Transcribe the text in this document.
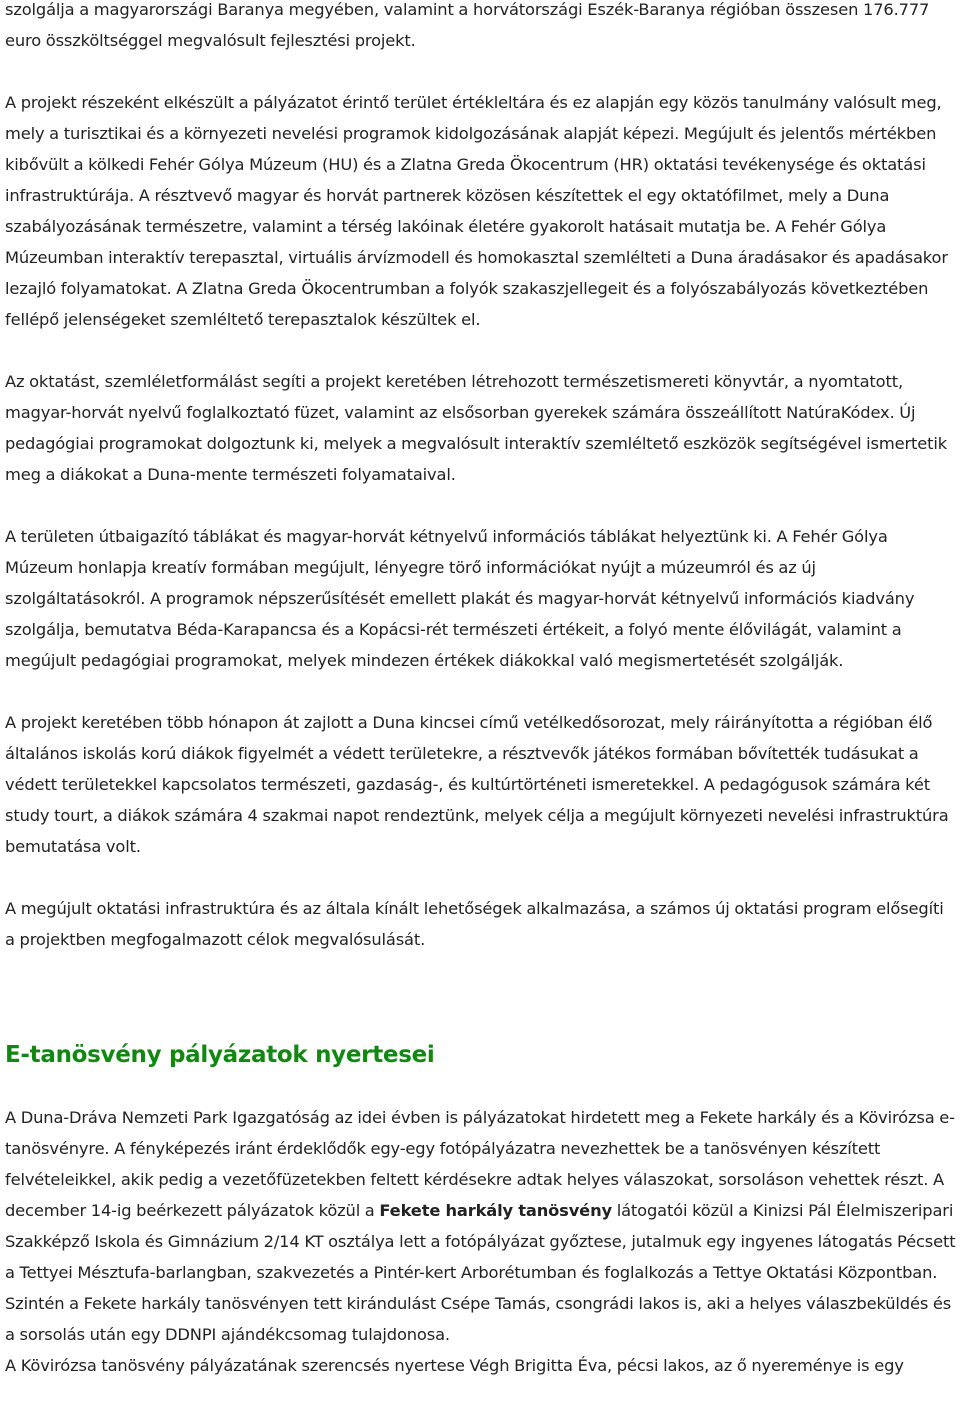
szolgálja a magyarországi Baranya megyében, valamint a horvátországi Eszék-Baranya régióban összesen 176.777 euro összköltséggel megvalósult fejlesztési projekt.

A projekt részeként elkészült a pályázatot érintő terület értékleltára és ez alapján egy közös tanulmány valósult meg, mely a turisztikai és a környezeti nevelési programok kidolgozásának alapját képezi. Megújult és jelentős mértékben kibővült a kölkedi Fehér Gólya Múzeum (HU) és a Zlatna Greda Ökocentrum (HR) oktatási tevékenysége és oktatási infrastruktúrája. A résztvevő magyar és horvát partnerek közösen készítettek el egy oktatófilmet, mely a Duna szabályozásának természetre, valamint a térség lakóinak életére gyakorolt hatásait mutatja be. A Fehér Gólya Múzeumban interaktív terepasztal, virtuális árvízmodell és homokasztal szemlélteti a Duna áradásakor és apadásakor lezajló folyamatokat. A Zlatna Greda Ökocentrumban a folyók szakaszjellegeit és a folyószabályozás következtében fellépő jelenségeket szemléltető terepasztalok készültek el.

Az oktatást, szemléletformálást segíti a projekt keretében létrehozott természetismereti könyvtár, a nyomtatott, magyar-horvát nyelvű foglalkoztató füzet, valamint az elsősorban gyerekek számára összeállított NatúraKódex. Új pedagógiai programokat dolgoztunk ki, melyek a megvalósult interaktív szemléltető eszközök segítségével ismertetik meg a diákokat a Duna-mente természeti folyamataival.

A területen útbaigazító táblákat és magyar-horvát kétnyelvű információs táblákat helyeztünk ki. A Fehér Gólya Múzeum honlapja kreatív formában megújult, lényegre törő információkat nyújt a múzeumról és az új szolgáltatásokról. A programok népszerűsítését emellett plakát és magyar-horvát kétnyelvű információs kiadvány szolgálja, bemutatva Béda-Karapancsa és a Kopácsi-rét természeti értékeit, a folyó mente élővilágát, valamint a megújult pedagógiai programokat, melyek mindezen értékek diákokkal való megismertetését szolgálják.

A projekt keretében több hónapon át zajlott a Duna kincsei című vetélkedősorozat, mely ráirányította a régióban élő általános iskolás korú diákok figyelmét a védett területekre, a résztvevők játékos formában bővítették tudásukat a védett területekkel kapcsolatos természeti, gazdaság-, és kultúrtörténeti ismeretekkel. A pedagógusok számára két study tourt, a diákok számára 4 szakmai napot rendeztünk, melyek célja a megújult környezeti nevelési infrastruktúra bemutatása volt.

A megújult oktatási infrastruktúra és az általa kínált lehetőségek alkalmazása, a számos új oktatási program elősegíti a projektben megfogalmazott célok megvalósulását.

E-tanösvény pályázatok nyertesei

A Duna-Dráva Nemzeti Park Igazgatóság az idei évben is pályázatokat hirdetett meg a Fekete harkály és a Kövirózsa e-tanösvényre. A fényképezés iránt érdeklődők egy-egy fotópályázatra nevezhettek be a tanösvényen készített felvételeikkel, akik pedig a vezetőfüzetekben feltett kérdésekre adtak helyes válaszokat, sorsoláson vehettek részt. A december 14-ig beérkezett pályázatok közül a Fekete harkály tanösvény látogatói közül a Kinizsi Pál Élelmiszeripari Szakképző Iskola és Gimnázium 2/14 KT osztálya lett a fotópályázat győztese, jutalmuk egy ingyenes látogatás Pécsett a Tettyei Mésztufa-barlangban, szakvezetés a Pintér-kert Arborétumban és foglalkozás a Tettye Oktatási Központban. Szintén a Fekete harkály tanösvényen tett kirándulást Csépe Tamás, csongrádi lakos is, aki a helyes válaszbeküldés és a sorsolás után egy DDNPI ajándékcsomag tulajdonosa.

A Kövirózsa tanösvény pályázatának szerencsés nyertese Végh Brigitta Éva, pécsi lakos, az ő nyereménye is egy
